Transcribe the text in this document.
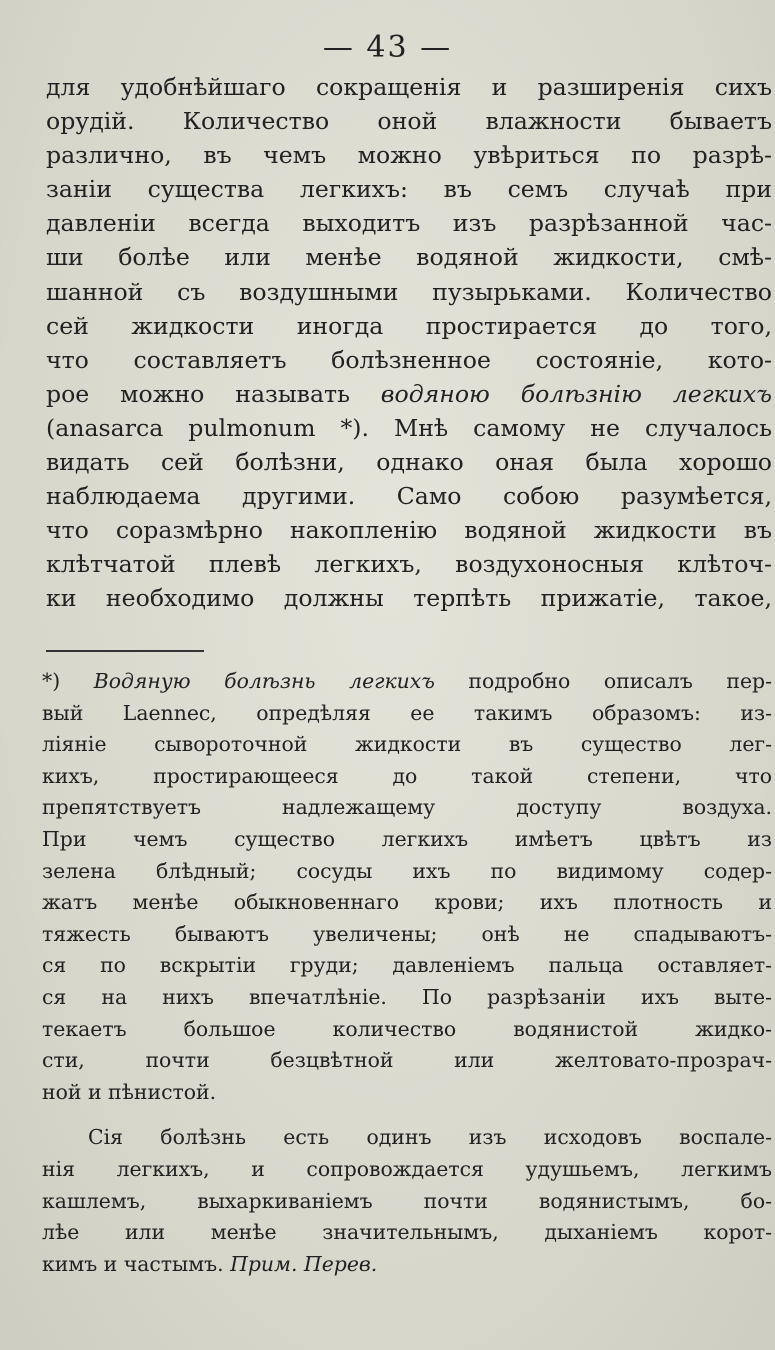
— 43 —
для удобнѣйшаго сокращенія и разширенія сихъ
орудій. Количество оной влажности бываетъ
различно, въ чемъ можно увѣриться по разрѣ-
заніи существа легкихъ: въ семъ случаѣ при
давленіи всегда выходитъ изъ разрѣзанной час-
ши болѣе или менѣе водяной жидкости, смѣ-
шанной съ воздушными пузырьками. Количество
сей жидкости иногда простирается до того,
что составляетъ болѣзненное состояніе, кото-
рое можно называть водяною болѣзнію легкихъ
(anasarca pulmonum *). Мнѣ самому не случалось
видать сей болѣзни, однако оная была хорошо
наблюдаема другими. Само собою разумѣется,
что соразмѣрно накопленію водяной жидкости въ
клѣтчатой плевѣ легкихъ, воздухоносныя клѣточ-
ки необходимо должны терпѣть прижатіе, такое,
*) Водяную болѣзнь легкихъ подробно описалъ пер-
вый Laennec, опредѣляя ее такимъ образомъ: из-
ліяніе сывороточной жидкости въ существо лег-
кихъ, простирающееся до такой степени, что
препятствуетъ надлежащему доступу воздуха.
При чемъ существо легкихъ имѣетъ цвѣтъ из
зелена блѣдный; сосуды ихъ по видимому содер-
жатъ менѣе обыкновеннаго крови; ихъ плотность и
тяжесть бываютъ увеличены; онѣ не спадываютъ-
ся по вскрытіи груди; давленіемъ пальца оставляет-
ся на нихъ впечатлѣніе. По разрѣзаніи ихъ выте-
текаетъ большое количество водянистой жидко-
сти, почти безцвѣтной или желтовато-прозрач-
ной и пѣнистой.
Сія болѣзнь есть одинъ изъ исходовъ воспале-
нія легкихъ, и сопровождается удушьемъ, легкимъ
кашлемъ, выхаркиваніемъ почти водянистымъ, бо-
лѣе или менѣе значительнымъ, дыханіемъ корот-
кимъ и частымъ. Прим. Перев.
